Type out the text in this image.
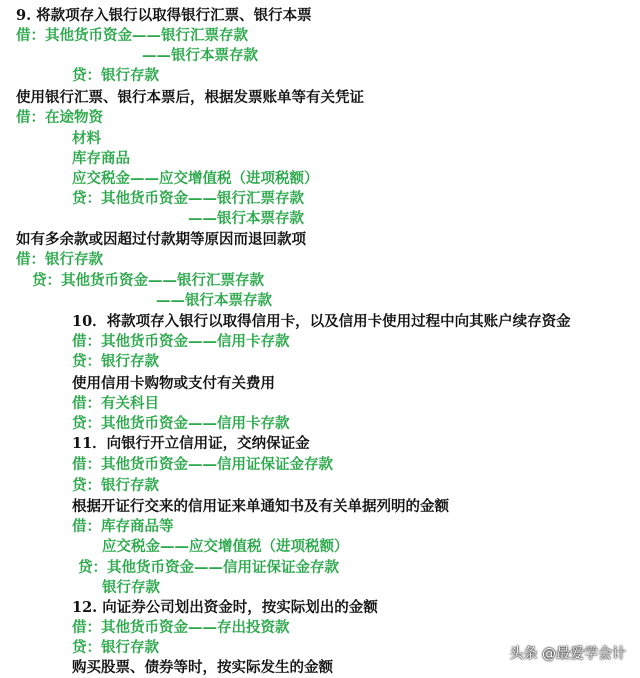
9. 将款项存入银行以取得银行汇票、银行本票
借：其他货币资金——银行汇票存款
——银行本票存款
贷：银行存款
使用银行汇票、银行本票后，根据发票账单等有关凭证
借：在途物资
材料
库存商品
应交税金——应交增值税（进项税额）
贷：其他货币资金——银行汇票存款
——银行本票存款
如有多余款或因超过付款期等原因而退回款项
借：银行存款
贷：其他货币资金——银行汇票存款
——银行本票存款
10．将款项存入银行以取得信用卡，以及信用卡使用过程中向其账户续存资金
借：其他货币资金——信用卡存款
贷：银行存款
使用信用卡购物或支付有关费用
借：有关科目
贷：其他货币资金——信用卡存款
11．向银行开立信用证，交纳保证金
借：其他货币资金——信用证保证金存款
贷：银行存款
根据开证行交来的信用证来单通知书及有关单据列明的金额
借：库存商品等
应交税金——应交增值税（进项税额）
贷：其他货币资金——信用证保证金存款
银行存款
12. 向证券公司划出资金时，按实际划出的金额
借：其他货币资金——存出投资款
贷：银行存款
购买股票、债券等时，按实际发生的金额
头条 @最爱学会计
